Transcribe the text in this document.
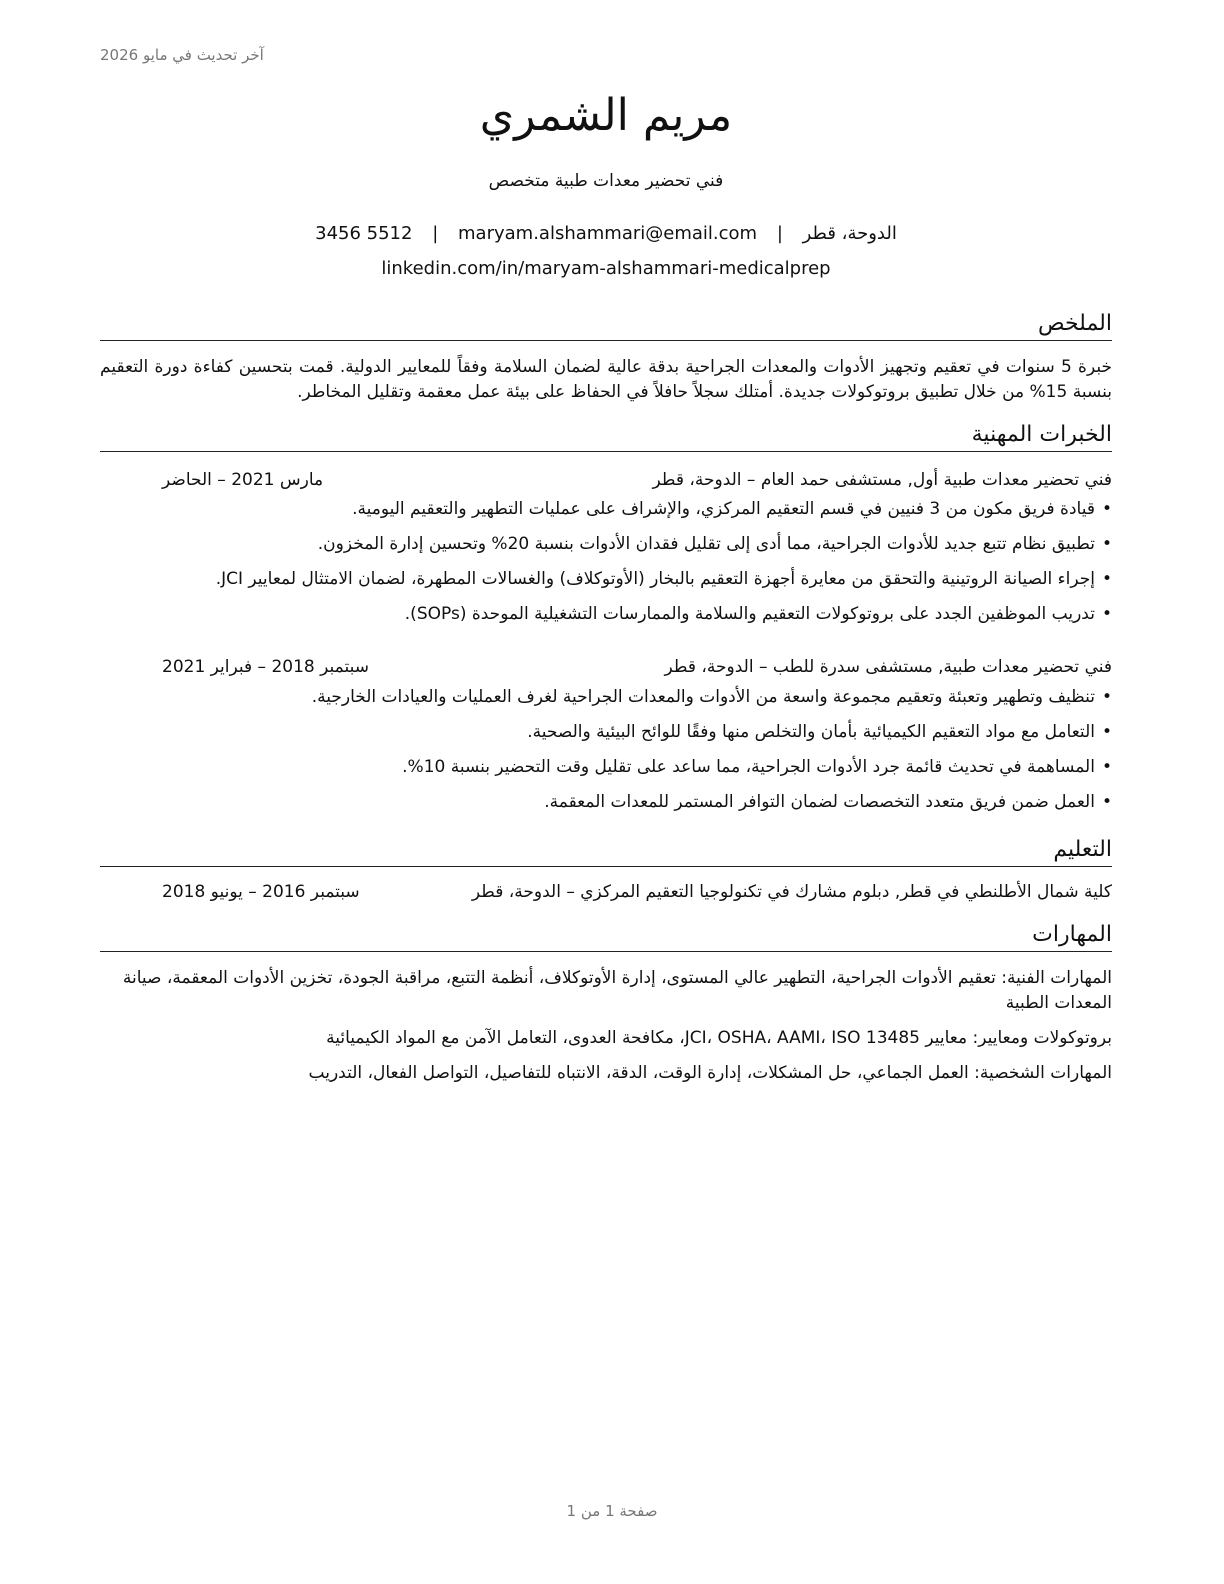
آخر تحديث في مايو 2026
مريم الشمري
فني تحضير معدات طبية متخصص
الدوحة، قطر | maryam.alshammari@email.com | 3456 5512
linkedin.com/in/maryam-alshammari-medicalprep
الملخص
خبرة 5 سنوات في تعقيم وتجهيز الأدوات والمعدات الجراحية بدقة عالية لضمان السلامة وفقاً للمعايير الدولية. قمت بتحسين كفاءة دورة التعقيم بنسبة 15% من خلال تطبيق بروتوكولات جديدة. أمتلك سجلاً حافلاً في الحفاظ على بيئة عمل معقمة وتقليل المخاطر.
الخبرات المهنية
فني تحضير معدات طبية أول, مستشفى حمد العام – الدوحة، قطر
مارس 2021 – الحاضر
•قيادة فريق مكون من 3 فنيين في قسم التعقيم المركزي، والإشراف على عمليات التطهير والتعقيم اليومية.
•تطبيق نظام تتبع جديد للأدوات الجراحية، مما أدى إلى تقليل فقدان الأدوات بنسبة 20% وتحسين إدارة المخزون.
•إجراء الصيانة الروتينية والتحقق من معايرة أجهزة التعقيم بالبخار (الأوتوكلاف) والغسالات المطهرة، لضمان الامتثال لمعايير JCI.
•تدريب الموظفين الجدد على بروتوكولات التعقيم والسلامة والممارسات التشغيلية الموحدة (SOPs).
فني تحضير معدات طبية, مستشفى سدرة للطب – الدوحة، قطر
سبتمبر 2018 – فبراير 2021
•تنظيف وتطهير وتعبئة وتعقيم مجموعة واسعة من الأدوات والمعدات الجراحية لغرف العمليات والعيادات الخارجية.
•التعامل مع مواد التعقيم الكيميائية بأمان والتخلص منها وفقًا للوائح البيئية والصحية.
•المساهمة في تحديث قائمة جرد الأدوات الجراحية، مما ساعد على تقليل وقت التحضير بنسبة 10%.
•العمل ضمن فريق متعدد التخصصات لضمان التوافر المستمر للمعدات المعقمة.
التعليم
كلية شمال الأطلنطي في قطر, دبلوم مشارك في تكنولوجيا التعقيم المركزي – الدوحة، قطر
سبتمبر 2016 – يونيو 2018
المهارات
المهارات الفنية: تعقيم الأدوات الجراحية، التطهير عالي المستوى، إدارة الأوتوكلاف، أنظمة التتبع، مراقبة الجودة، تخزين الأدوات المعقمة، صيانة المعدات الطبية
بروتوكولات ومعايير: معايير JCI، OSHA، AAMI، ISO 13485، مكافحة العدوى، التعامل الآمن مع المواد الكيميائية
المهارات الشخصية: العمل الجماعي، حل المشكلات، إدارة الوقت، الدقة، الانتباه للتفاصيل، التواصل الفعال، التدريب
صفحة 1 من 1
